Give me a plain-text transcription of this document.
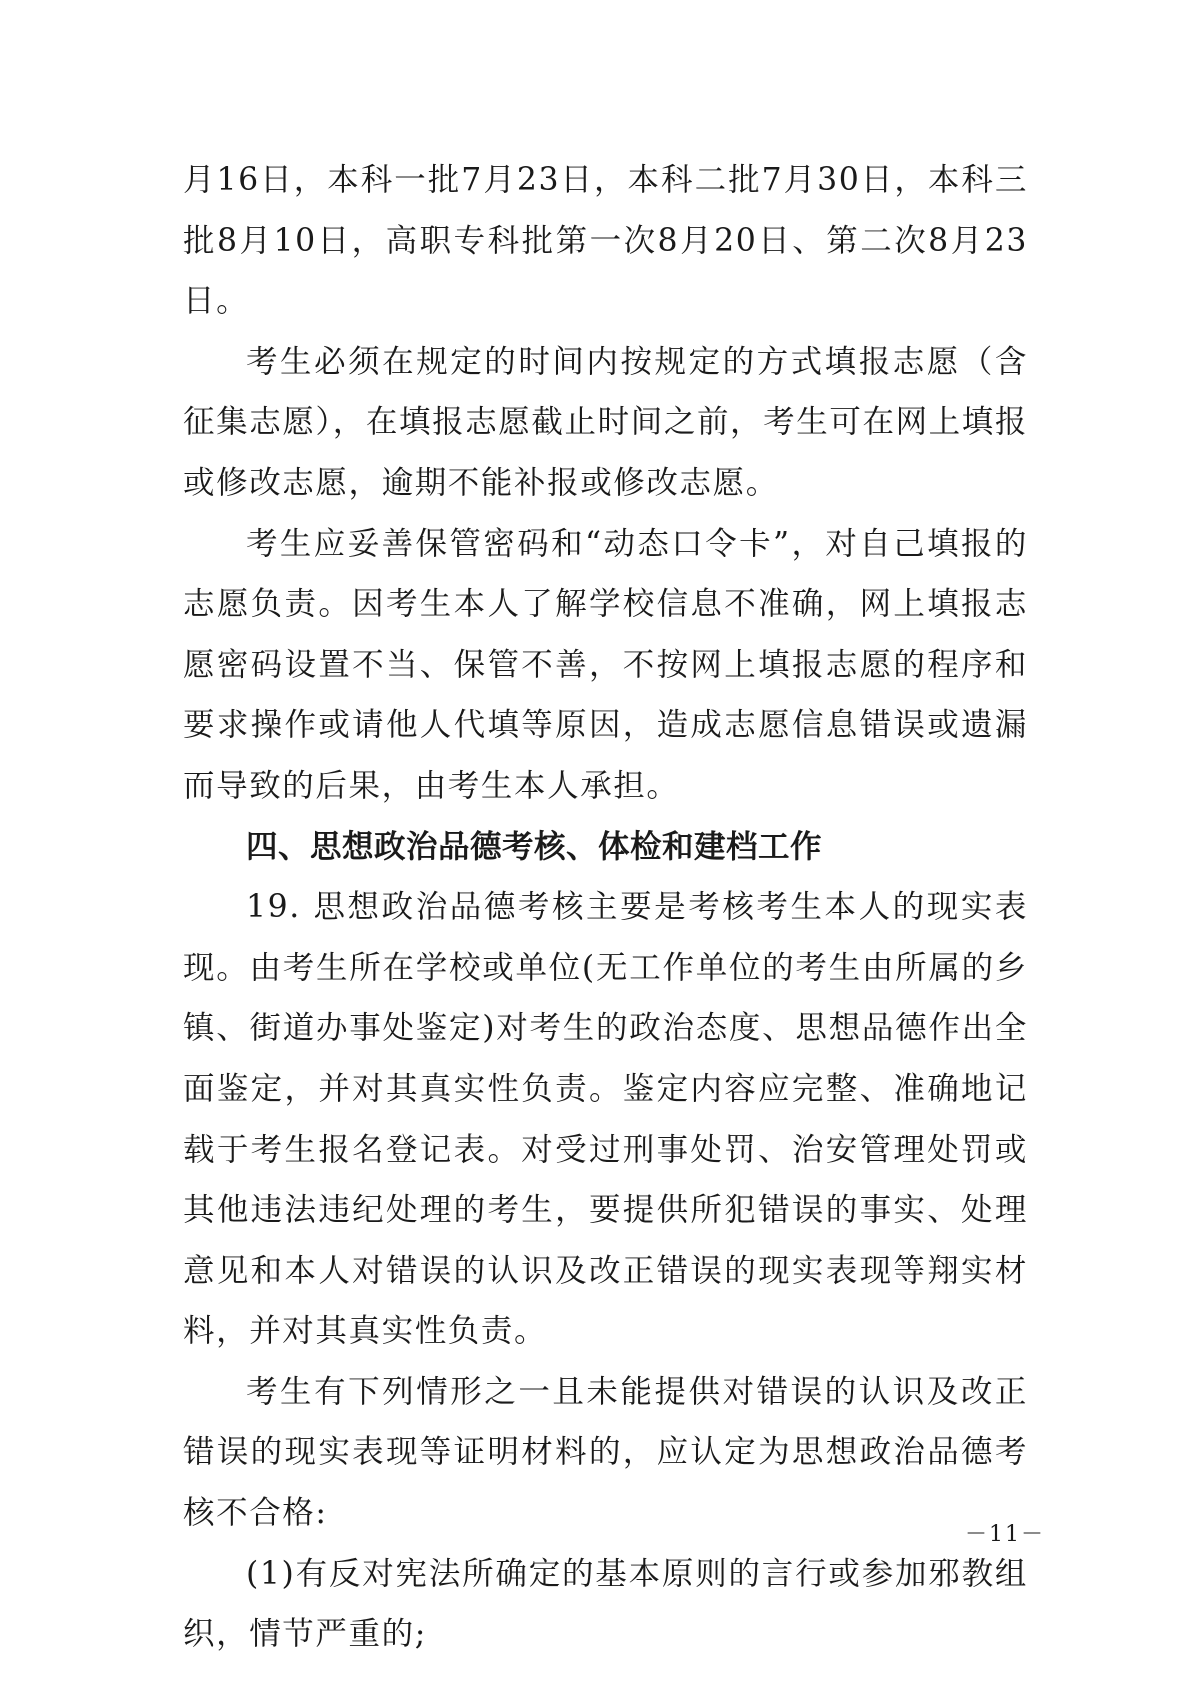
月16日，本科一批7月23日，本科二批7月30日，本科三批8月10日，高职专科批第一次8月20日、第二次8月23日。

考生必须在规定的时间内按规定的方式填报志愿（含征集志愿），在填报志愿截止时间之前，考生可在网上填报或修改志愿，逾期不能补报或修改志愿。

考生应妥善保管密码和“动态口令卡”，对自己填报的志愿负责。因考生本人了解学校信息不准确，网上填报志愿密码设置不当、保管不善，不按网上填报志愿的程序和要求操作或请他人代填等原因，造成志愿信息错误或遗漏而导致的后果，由考生本人承担。

四、思想政治品德考核、体检和建档工作

19. 思想政治品德考核主要是考核考生本人的现实表现。由考生所在学校或单位(无工作单位的考生由所属的乡镇、街道办事处鉴定)对考生的政治态度、思想品德作出全面鉴定，并对其真实性负责。鉴定内容应完整、准确地记载于考生报名登记表。对受过刑事处罚、治安管理处罚或其他违法违纪处理的考生，要提供所犯错误的事实、处理意见和本人对错误的认识及改正错误的现实表现等翔实材料，并对其真实性负责。

考生有下列情形之一且未能提供对错误的认识及改正错误的现实表现等证明材料的，应认定为思想政治品德考核不合格:

(1)有反对宪法所确定的基本原则的言行或参加邪教组织，情节严重的;

－11－
